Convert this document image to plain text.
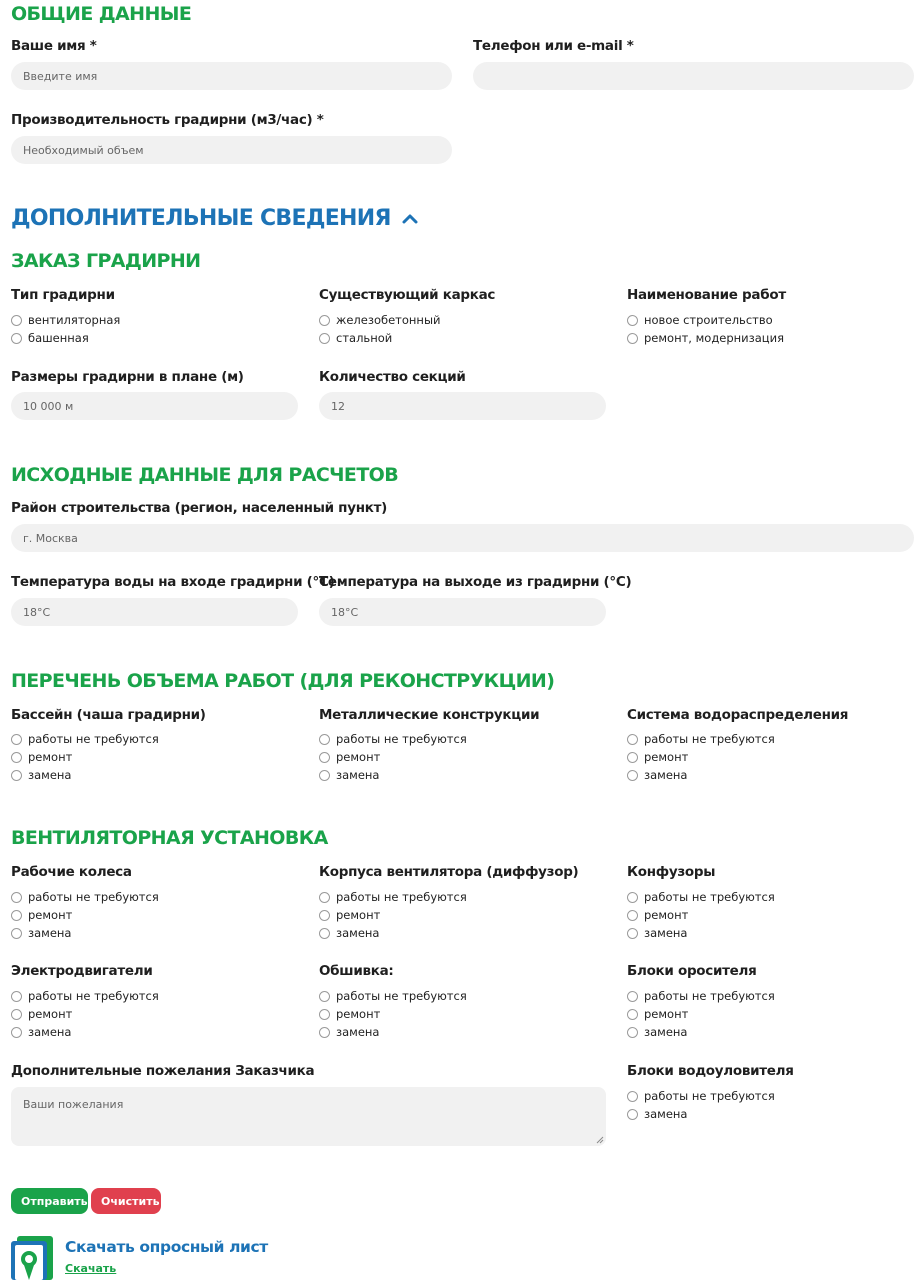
ОБЩИЕ ДАННЫЕ
Ваше имя *
Введите имя	Телефон или e-mail *
Производительность градирни (м3/час) *
Необходимый объем
ДОПОЛНИТЕЛЬНЫЕ СВЕДЕНИЯ
ЗАКАЗ ГРАДИРНИ
Тип градирни
вентиляторная
башенная
Существующий каркас
железобетонный
стальной
Наименование работ
новое строительство
ремонт, модернизация
Размеры градирни в плане (м)
10 000 м	Количество секций
12
ИСХОДНЫЕ ДАННЫЕ ДЛЯ РАСЧЕТОВ
Район строительства (регион, населенный пункт)
г. Москва
Температура воды на входе градирни (°С)
18°С
Температура на выходе из градирни (°С)
18°С
ПЕРЕЧЕНЬ ОБЪЕМА РАБОТ (ДЛЯ РЕКОНСТРУКЦИИ)
Бассейн (чаша градирни)
работы не требуются
ремонт
замена
Металлические конструкции
работы не требуются
ремонт
замена
Система водораспределения
работы не требуются
ремонт
замена
ВЕНТИЛЯТОРНАЯ УСТАНОВКА
Рабочие колеса
работы не требуются
ремонт
замена
Корпуса вентилятора (диффузор)
работы не требуются
ремонт
замена
Конфузоры
работы не требуются
ремонт
замена
Электродвигатели
работы не требуются
ремонт
замена
Обшивка:
работы не требуются
ремонт
замена
Блоки оросителя
работы не требуются
ремонт
замена
Дополнительные пожелания Заказчика
Ваши пожелания	Блоки водоуловителя
работы не требуются
замена
Отправить	Очистить
Скачать опросный лист
Скачать
